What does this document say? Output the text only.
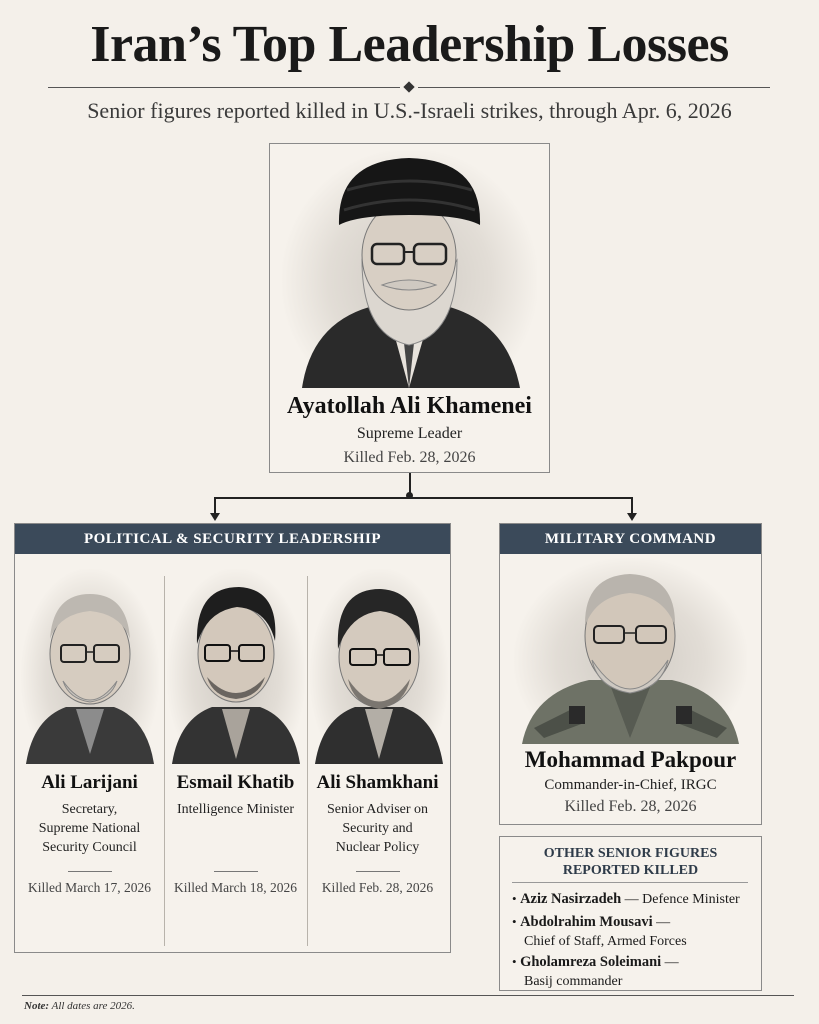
Iran’s Top Leadership Losses
Senior figures reported killed in U.S.-Israeli strikes, through Apr. 6, 2026
Ayatollah Ali Khamenei
Supreme Leader
Killed Feb. 28, 2026
POLITICAL & SECURITY LEADERSHIP
Ali Larijani
Secretary,
Supreme National
Security Council
Killed March 17, 2026
Esmail Khatib
Intelligence Minister
Killed March 18, 2026
Ali Shamkhani
Senior Adviser on
Security and
Nuclear Policy
Killed Feb. 28, 2026
MILITARY COMMAND
Mohammad Pakpour
Commander-in-Chief, IRGC
Killed Feb. 28, 2026
OTHER SENIOR FIGURES
REPORTED KILLED
• Aziz Nasirzadeh — Defence Minister
• Abdolrahim Mousavi —
Chief of Staff, Armed Forces
• Gholamreza Soleimani —
Basij commander
Note: All dates are 2026.
